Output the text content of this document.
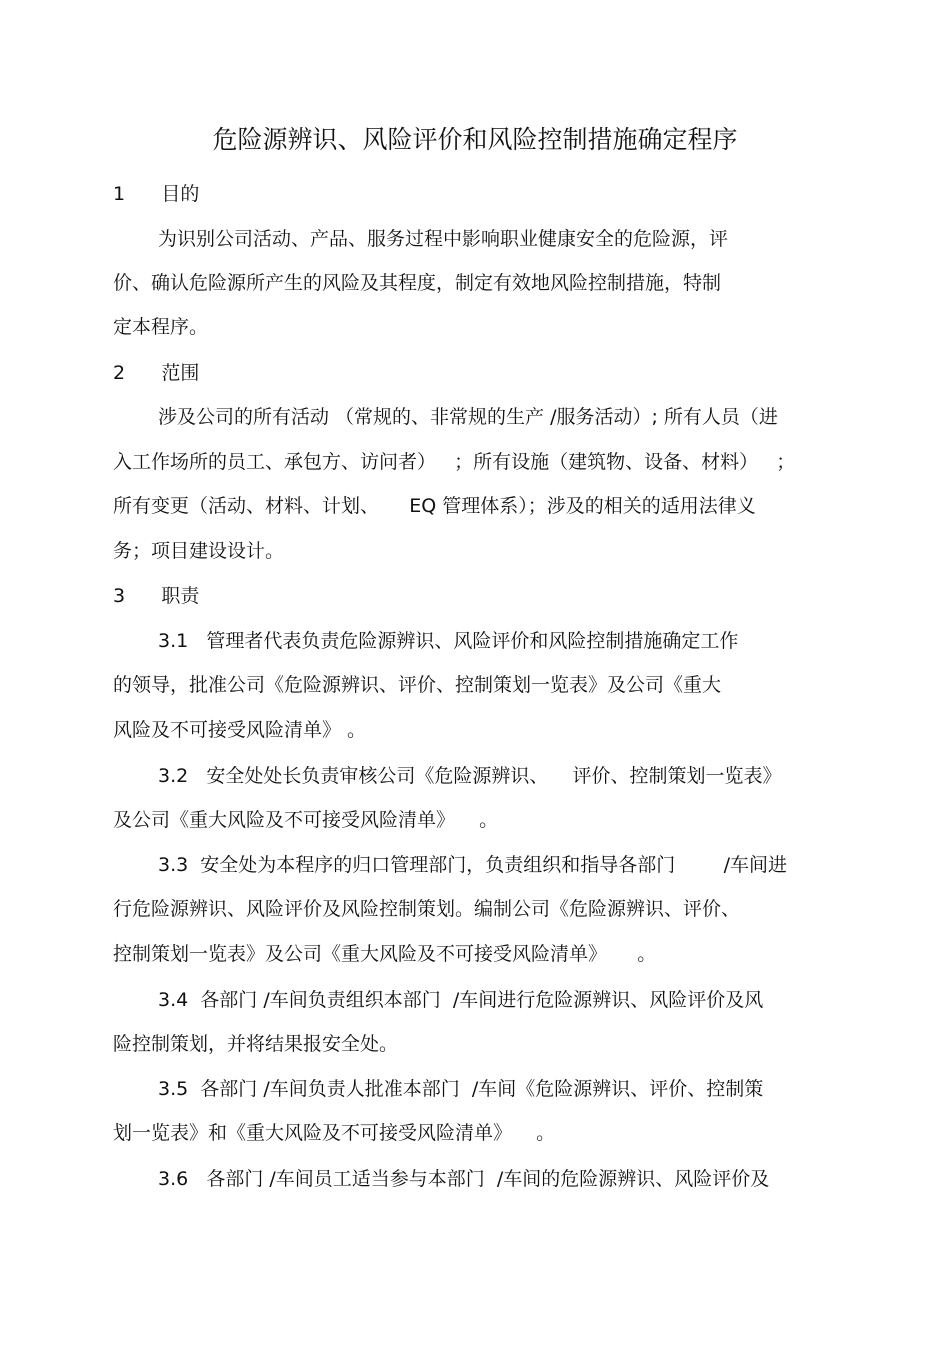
危险源辨识、风险评价和风险控制措施确定程序
1      目的
为识别公司活动、产品、服务过程中影响职业健康安全的危险源，评
价、确认危险源所产生的风险及其程度，制定有效地风险控制措施，特制
定本程序。
2      范围
涉及公司的所有活动 （常规的、非常规的生产 /服务活动）; 所有人员（进
入工作场所的员工、承包方、访问者）   ；所有设施（建筑物、设备、材料）   ；
所有变更（活动、材料、计划、     EQ 管理体系）；涉及的相关的适用法律义
务；项目建设设计。
3      职责
3.1   管理者代表负责危险源辨识、风险评价和风险控制措施确定工作
的领导，批准公司《危险源辨识、评价、控制策划一览表》及公司《重大
风险及不可接受风险清单》 。
3.2   安全处处长负责审核公司《危险源辨识、    评价、控制策划一览表》
及公司《重大风险及不可接受风险清单》    。
3.3  安全处为本程序的归口管理部门，负责组织和指导各部门        /车间进
行危险源辨识、风险评价及风险控制策划。编制公司《危险源辨识、评价、
控制策划一览表》及公司《重大风险及不可接受风险清单》     。
3.4  各部门 /车间负责组织本部门  /车间进行危险源辨识、风险评价及风
险控制策划，并将结果报安全处。
3.5  各部门 /车间负责人批准本部门  /车间《危险源辨识、评价、控制策
划一览表》和《重大风险及不可接受风险清单》    。
3.6   各部门 /车间员工适当参与本部门  /车间的危险源辨识、风险评价及
